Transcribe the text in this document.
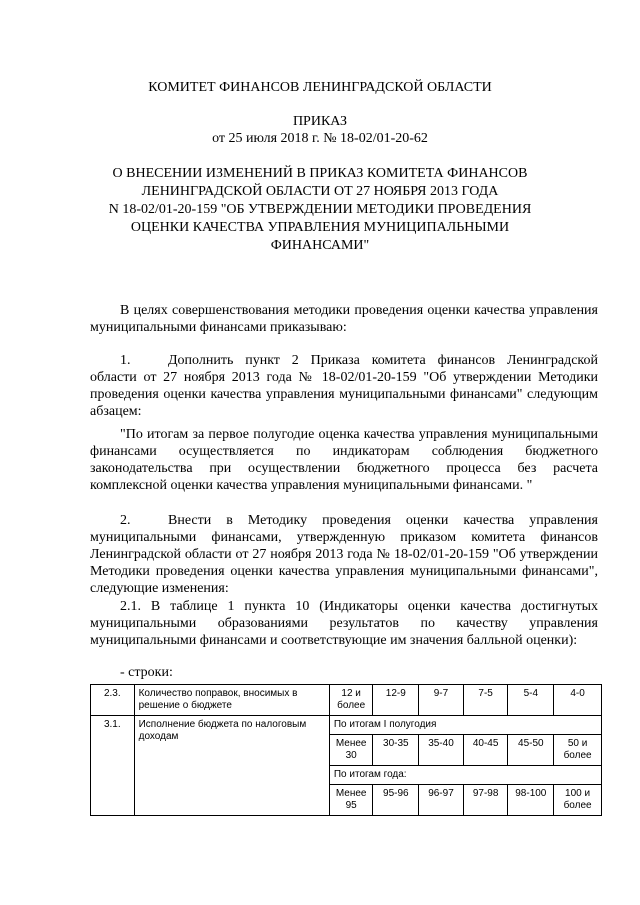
КОМИТЕТ ФИНАНСОВ ЛЕНИНГРАДСКОЙ ОБЛАСТИ
ПРИКАЗ
от 25 июля 2018 г. № 18-02/01-20-62
О ВНЕСЕНИИ ИЗМЕНЕНИЙ В ПРИКАЗ КОМИТЕТА ФИНАНСОВ
ЛЕНИНГРАДСКОЙ ОБЛАСТИ ОТ 27 НОЯБРЯ 2013 ГОДА
N 18-02/01-20-159 "ОБ УТВЕРЖДЕНИИ МЕТОДИКИ ПРОВЕДЕНИЯ
ОЦЕНКИ КАЧЕСТВА УПРАВЛЕНИЯ МУНИЦИПАЛЬНЫМИ
ФИНАНСАМИ"
В целях совершенствования методики проведения оценки качества управления муниципальными финансами приказываю:
1.	Дополнить пункт 2 Приказа комитета финансов Ленинградской области от 27 ноября 2013 года № 18-02/01-20-159 "Об утверждении Методики проведения оценки качества управления муниципальными финансами" следующим абзацем:
"По итогам за первое полугодие оценка качества управления муниципальными финансами осуществляется по индикаторам соблюдения бюджетного законодательства при осуществлении бюджетного процесса без расчета комплексной оценки качества управления муниципальными финансами. "
2.	Внести в Методику проведения оценки качества управления муниципальными финансами, утвержденную приказом комитета финансов Ленинградской области от 27 ноября 2013 года № 18-02/01-20-159 "Об утверждении Методики проведения оценки качества управления муниципальными финансами", следующие изменения:
2.1. В таблице 1 пункта 10 (Индикаторы оценки качества достигнутых муниципальными образованиями результатов по качеству управления муниципальными финансами и соответствующие им значения балльной оценки):
- строки:
2.3.	Количество поправок, вносимых в решение о бюджете	12 и более	12-9	9-7	7-5	5-4	4-0
3.1.	Исполнение бюджета по налоговым доходам	По итогам I полугодия					
		Менее 30	30-35	35-40	40-45	45-50	50 и более
		По итогам года:					
		Менее 95	95-96	96-97	97-98	98-100	100 и более
